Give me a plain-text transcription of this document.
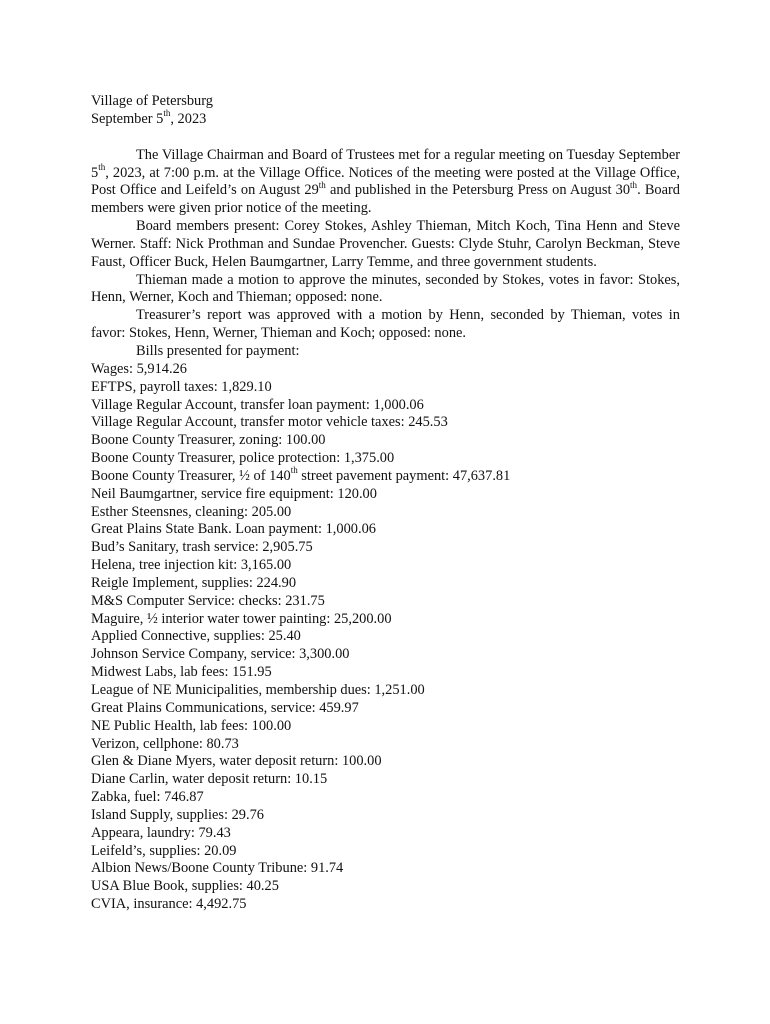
Village of Petersburg
September 5th, 2023
The Village Chairman and Board of Trustees met for a regular meeting on Tuesday September 5th, 2023, at 7:00 p.m. at the Village Office. Notices of the meeting were posted at the Village Office, Post Office and Leifeld’s on August 29th and published in the Petersburg Press on August 30th. Board members were given prior notice of the meeting.
Board members present: Corey Stokes, Ashley Thieman, Mitch Koch, Tina Henn and Steve Werner. Staff: Nick Prothman and Sundae Provencher. Guests: Clyde Stuhr, Carolyn Beckman, Steve Faust, Officer Buck, Helen Baumgartner, Larry Temme, and three government students.
Thieman made a motion to approve the minutes, seconded by Stokes, votes in favor: Stokes, Henn, Werner, Koch and Thieman; opposed: none.
Treasurer’s report was approved with a motion by Henn, seconded by Thieman, votes in favor: Stokes, Henn, Werner, Thieman and Koch; opposed: none.
Bills presented for payment:
Wages: 5,914.26
EFTPS, payroll taxes: 1,829.10
Village Regular Account, transfer loan payment: 1,000.06
Village Regular Account, transfer motor vehicle taxes: 245.53
Boone County Treasurer, zoning: 100.00
Boone County Treasurer, police protection: 1,375.00
Boone County Treasurer, ½ of 140th street pavement payment: 47,637.81
Neil Baumgartner, service fire equipment: 120.00
Esther Steensnes, cleaning: 205.00
Great Plains State Bank. Loan payment: 1,000.06
Bud’s Sanitary, trash service: 2,905.75
Helena, tree injection kit: 3,165.00
Reigle Implement, supplies: 224.90
M&S Computer Service: checks: 231.75
Maguire, ½ interior water tower painting: 25,200.00
Applied Connective, supplies: 25.40
Johnson Service Company, service: 3,300.00
Midwest Labs, lab fees: 151.95
League of NE Municipalities, membership dues: 1,251.00
Great Plains Communications, service: 459.97
NE Public Health, lab fees: 100.00
Verizon, cellphone: 80.73
Glen & Diane Myers, water deposit return: 100.00
Diane Carlin, water deposit return: 10.15
Zabka, fuel: 746.87
Island Supply, supplies: 29.76
Appeara, laundry: 79.43
Leifeld’s, supplies: 20.09
Albion News/Boone County Tribune: 91.74
USA Blue Book, supplies: 40.25
CVIA, insurance: 4,492.75
